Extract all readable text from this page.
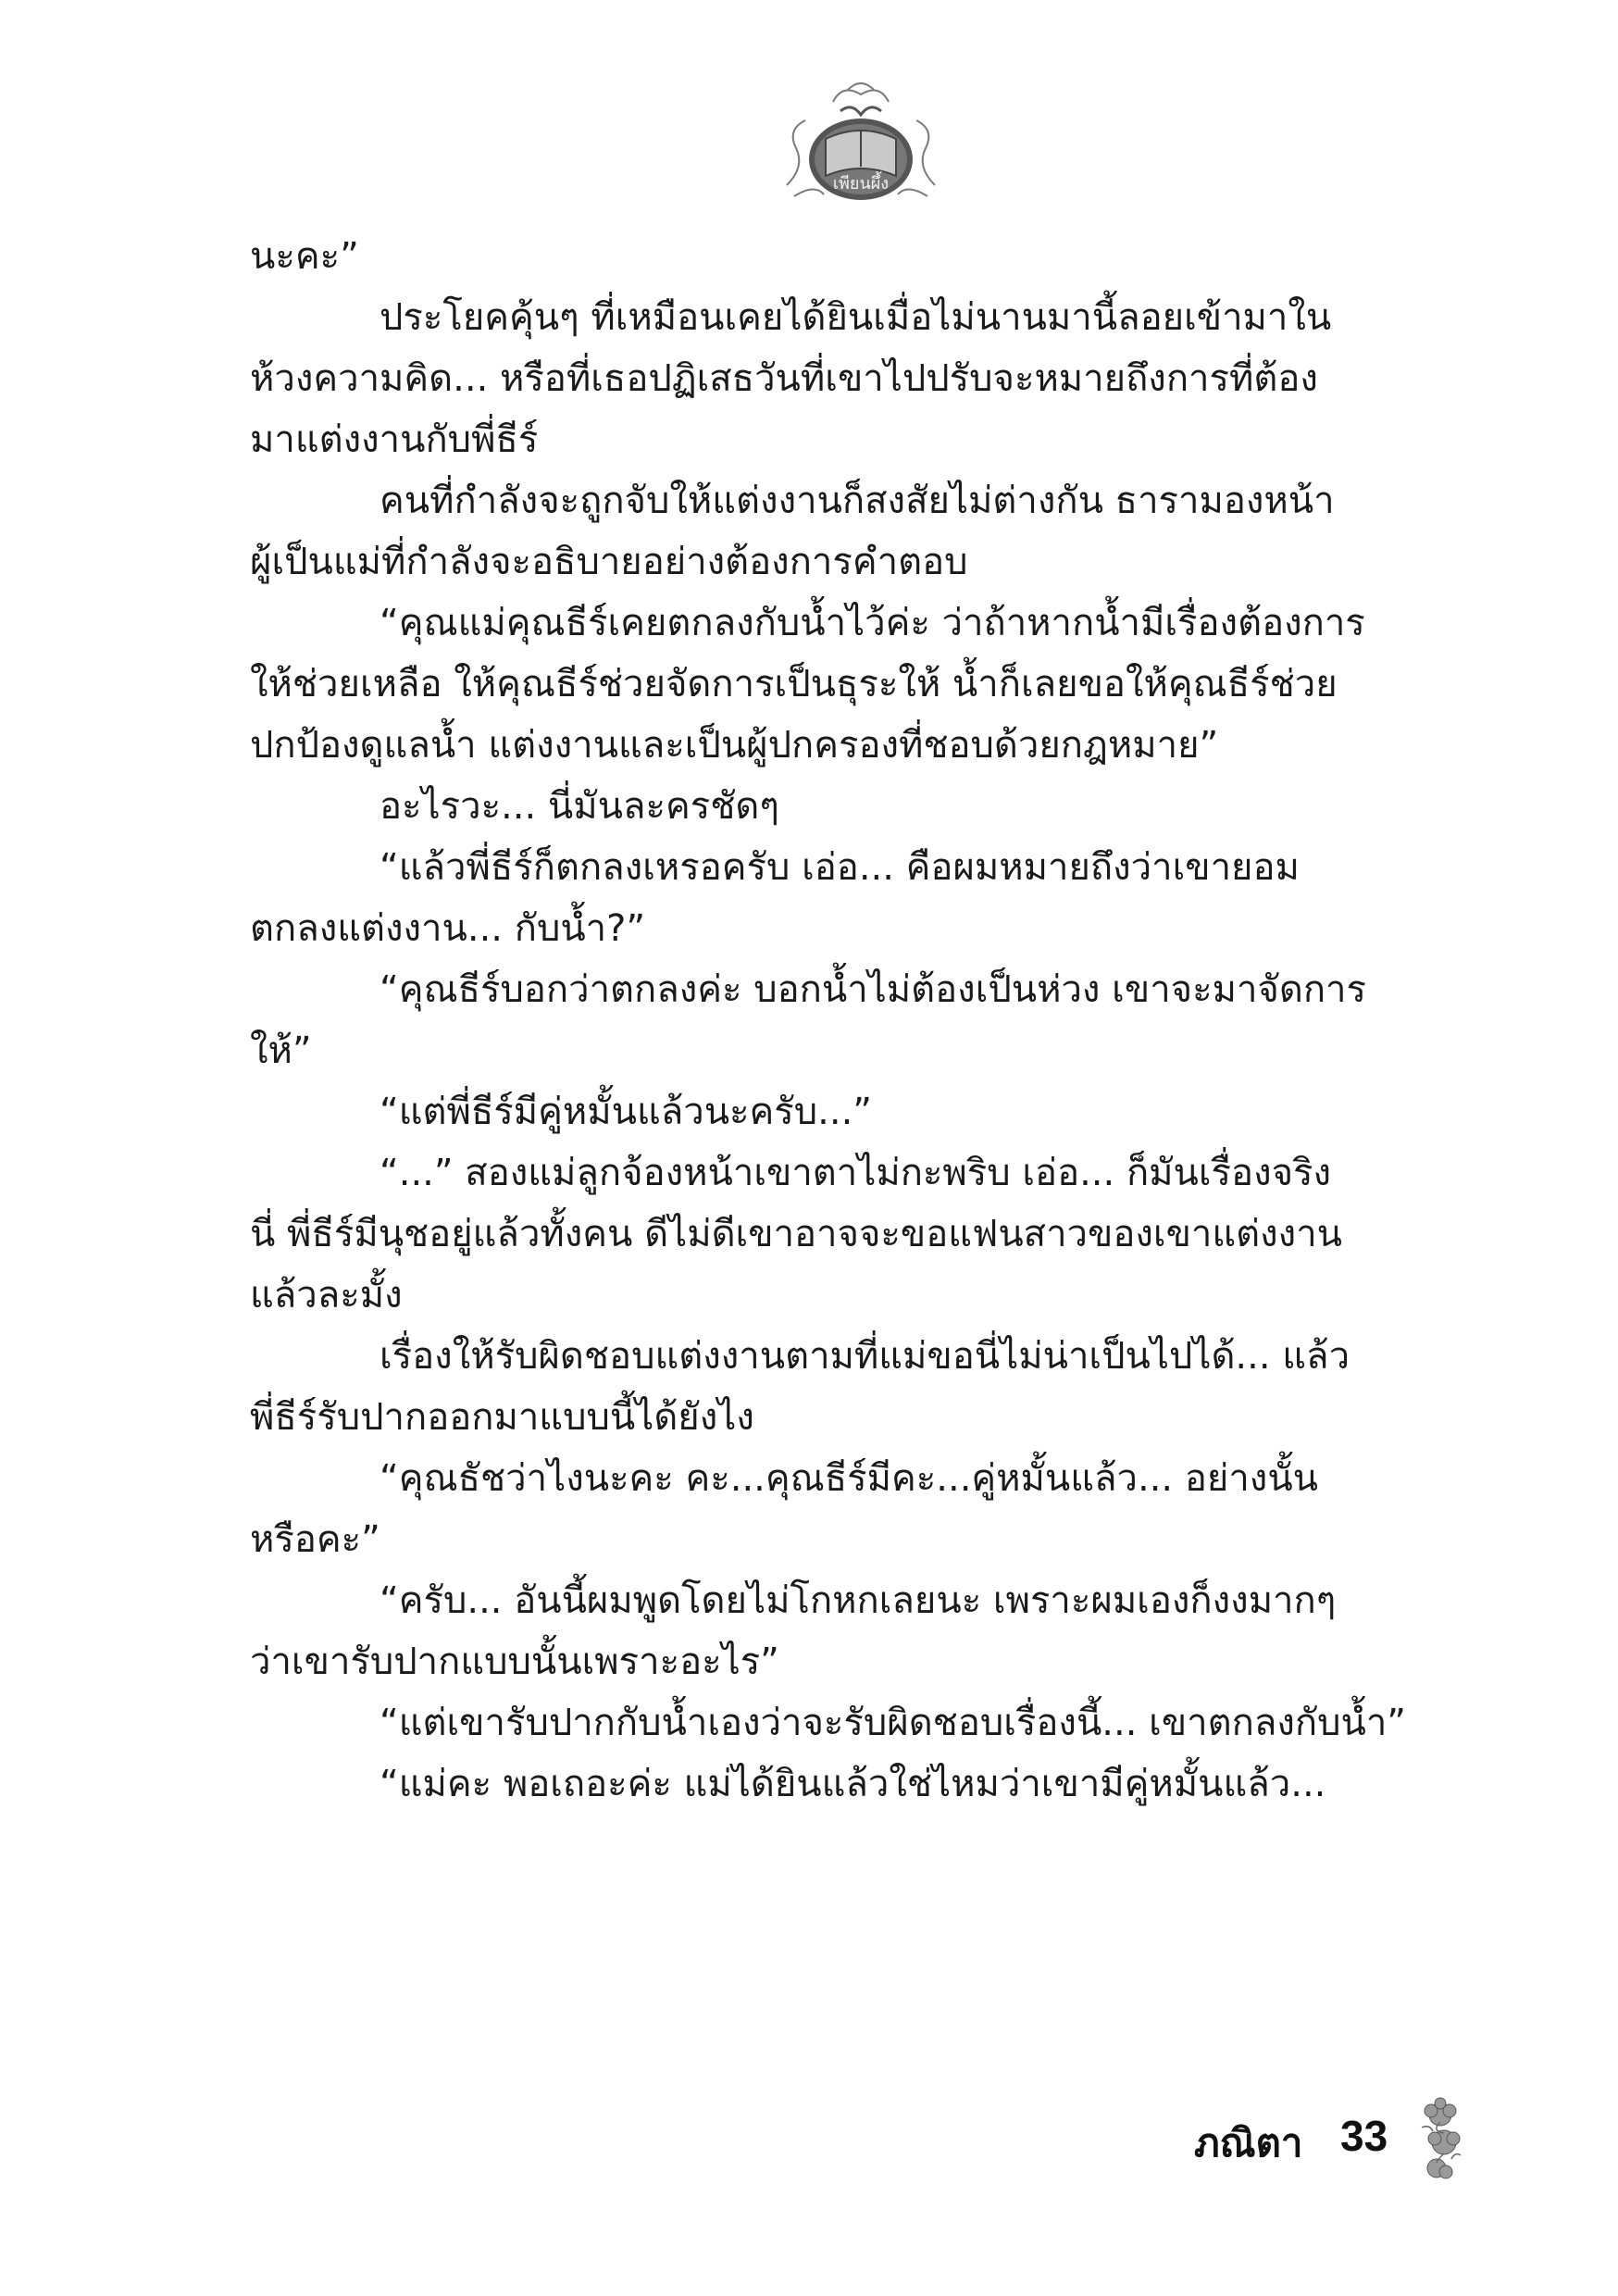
เพียนผึ้ง

นะคะ”

ประโยคคุ้นๆ ที่เหมือนเคยได้ยินเมื่อไม่นานมานี้ลอยเข้ามาใน
ห้วงความคิด... หรือที่เธอปฏิเสธวันที่เขาไปปรับจะหมายถึงการที่ต้อง
มาแต่งงานกับพี่ธีร์

คนที่กำลังจะถูกจับให้แต่งงานก็สงสัยไม่ต่างกัน ธารามองหน้า
ผู้เป็นแม่ที่กำลังจะอธิบายอย่างต้องการคำตอบ

“คุณแม่คุณธีร์เคยตกลงกับน้ำไว้ค่ะ ว่าถ้าหากน้ำมีเรื่องต้องการ
ให้ช่วยเหลือ ให้คุณธีร์ช่วยจัดการเป็นธุระให้ น้ำก็เลยขอให้คุณธีร์ช่วย
ปกป้องดูแลน้ำ แต่งงานและเป็นผู้ปกครองที่ชอบด้วยกฎหมาย”

อะไรวะ... นี่มันละครชัดๆ

“แล้วพี่ธีร์ก็ตกลงเหรอครับ เอ่อ... คือผมหมายถึงว่าเขายอม
ตกลงแต่งงาน... กับน้ำ?”

“คุณธีร์บอกว่าตกลงค่ะ บอกน้ำไม่ต้องเป็นห่วง เขาจะมาจัดการ
ให้”

“แต่พี่ธีร์มีคู่หมั้นแล้วนะครับ...”

“...” สองแม่ลูกจ้องหน้าเขาตาไม่กะพริบ เอ่อ... ก็มันเรื่องจริง
นี่ พี่ธีร์มีนุชอยู่แล้วทั้งคน ดีไม่ดีเขาอาจจะขอแฟนสาวของเขาแต่งงาน
แล้วละมั้ง

เรื่องให้รับผิดชอบแต่งงานตามที่แม่ขอนี่ไม่น่าเป็นไปได้... แล้ว
พี่ธีร์รับปากออกมาแบบนี้ได้ยังไง

“คุณธัชว่าไงนะคะ คะ...คุณธีร์มีคะ...คู่หมั้นแล้ว... อย่างนั้น
หรือคะ”

“ครับ... อันนี้ผมพูดโดยไม่โกหกเลยนะ เพราะผมเองก็งงมากๆ
ว่าเขารับปากแบบนั้นเพราะอะไร”

“แต่เขารับปากกับน้ำเองว่าจะรับผิดชอบเรื่องนี้... เขาตกลงกับน้ำ”

“แม่คะ พอเถอะค่ะ แม่ได้ยินแล้วใช่ไหมว่าเขามีคู่หมั้นแล้ว...

ภณิตา 33
